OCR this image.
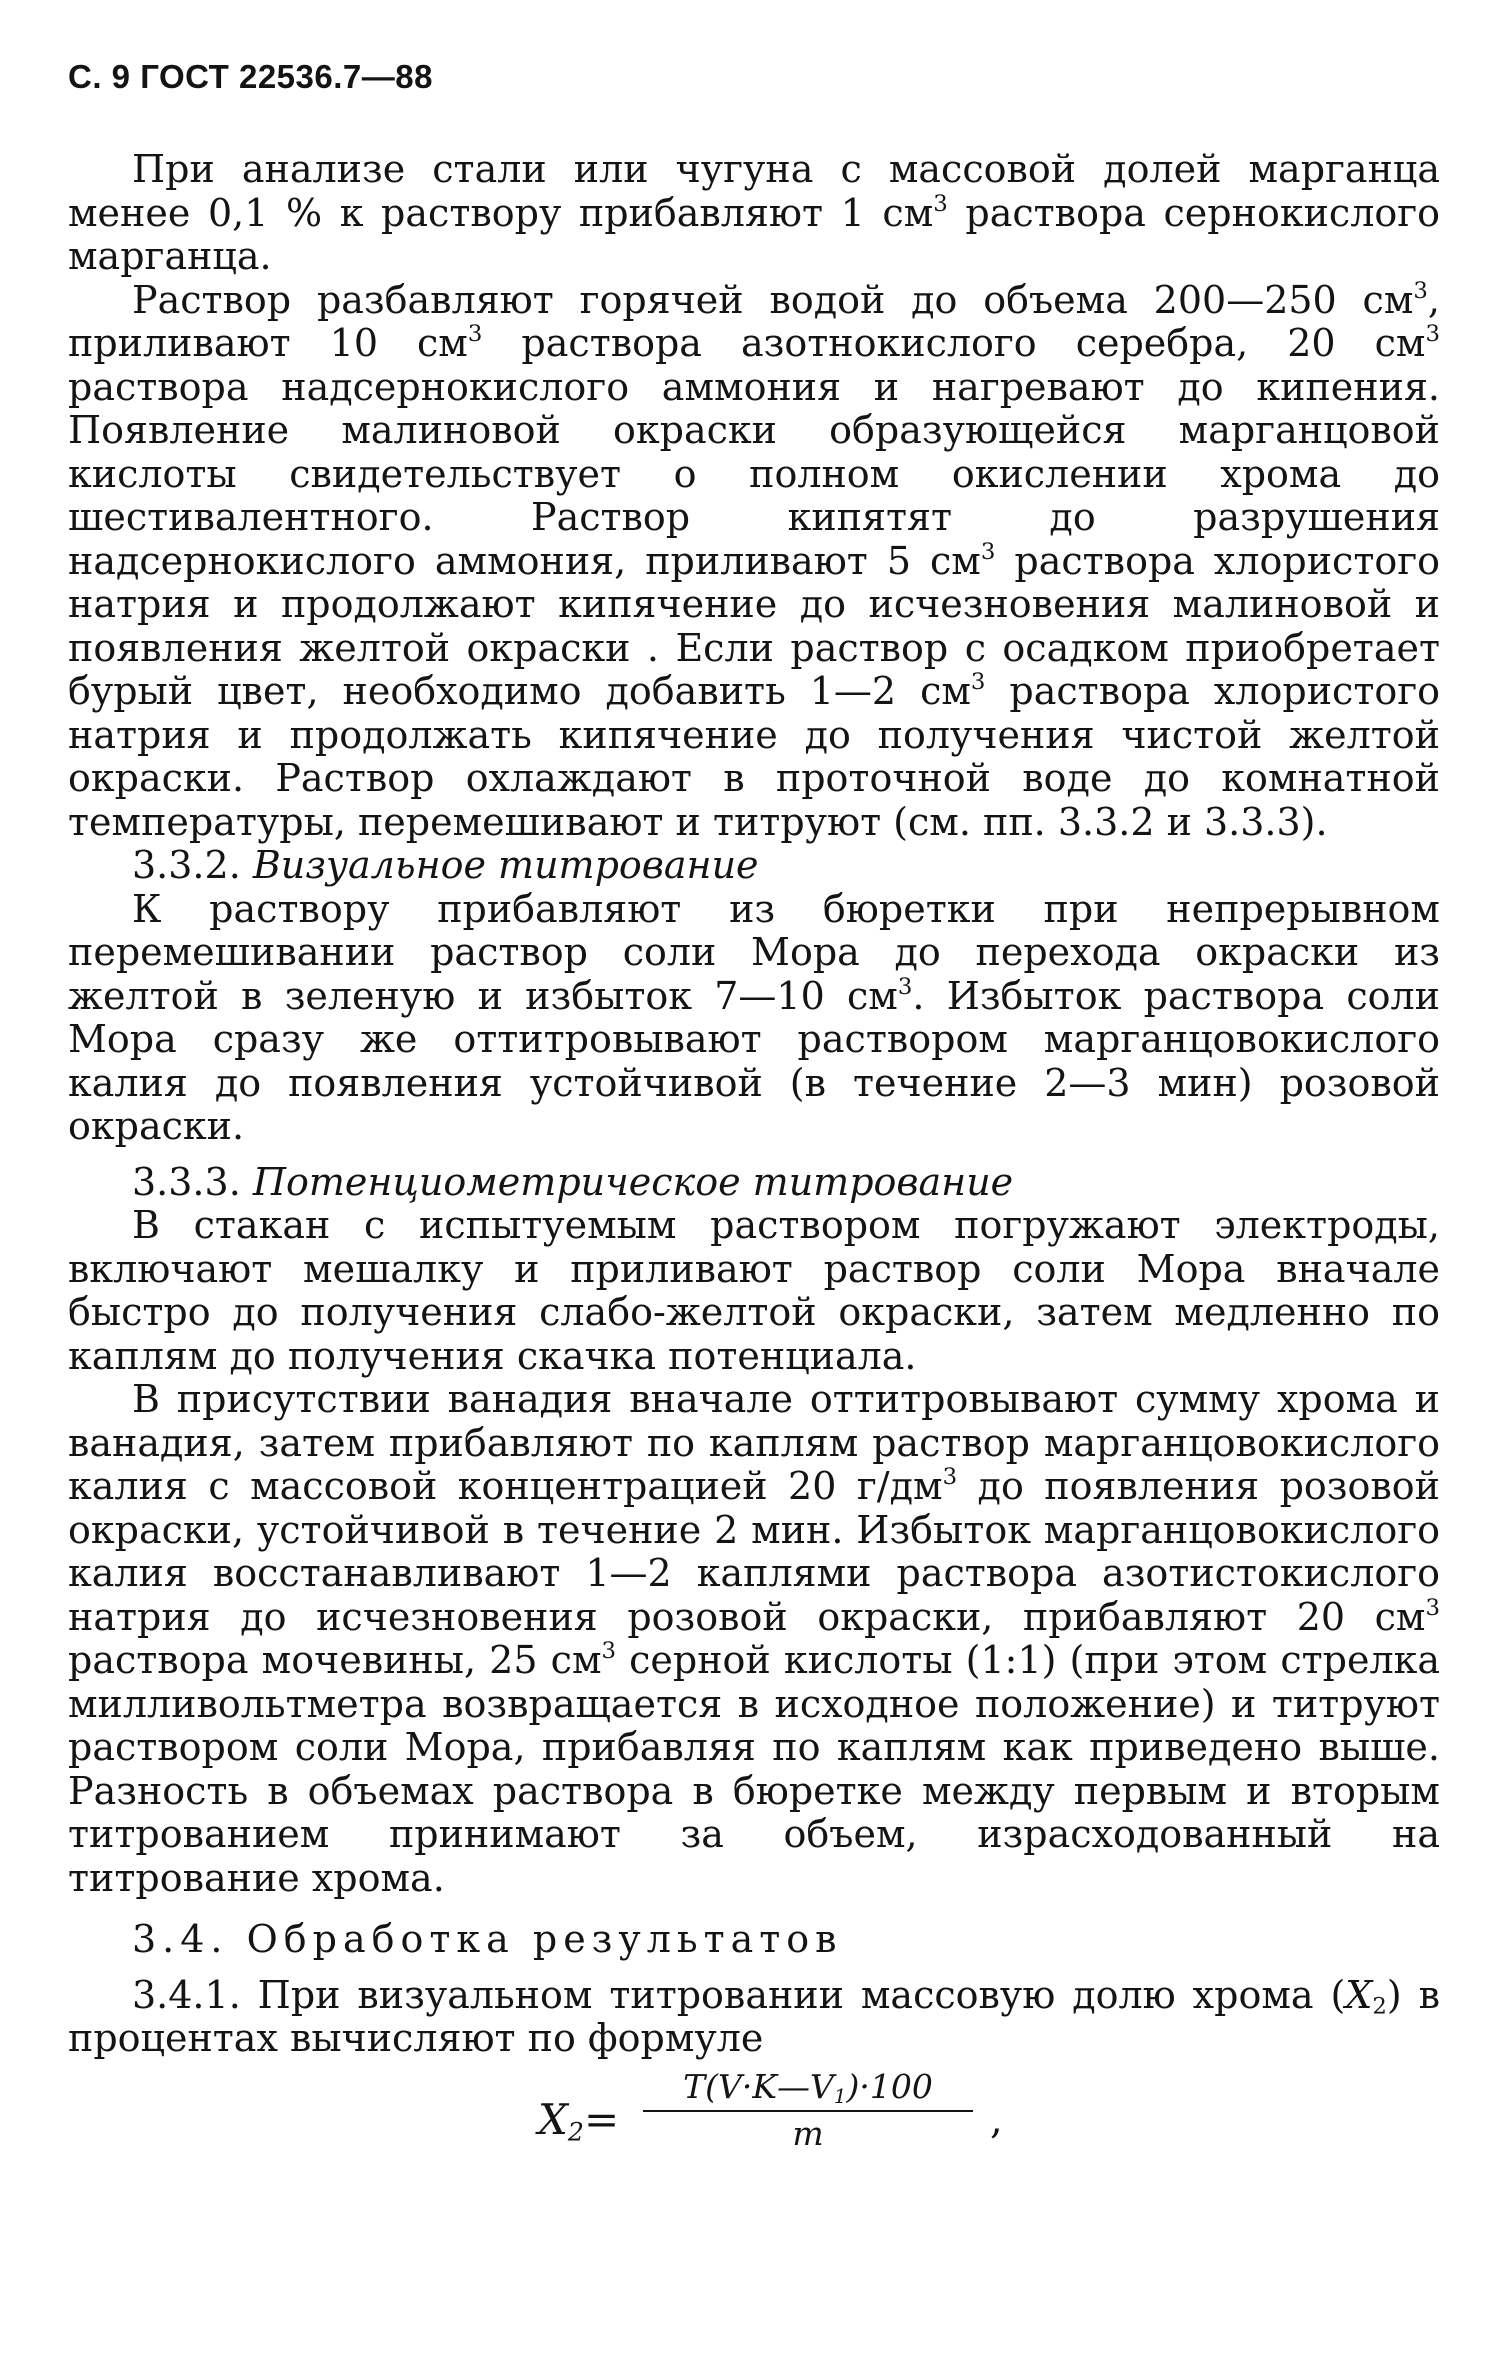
С. 9 ГОСТ 22536.7—88

При анализе стали или чугуна с массовой долей марганца менее 0,1 % к раствору прибавляют 1 $см^3$ раствора сернокислого марганца.

Раствор разбавляют горячей водой до объема 200—250 $см^3$, приливают 10 $см^3$ раствора азотнокислого серебра, 20 $см^3$ раствора надсернокислого аммония и нагревают до кипения. Появление малиновой окраски образующейся марганцовой кислоты свидетельствует о полном окислении хрома до шестивалентного. Раствор кипятят до разрушения надсернокислого аммония, приливают 5 $см^3$ раствора хлористого натрия и продолжают кипячение до исчезновения малиновой и появления желтой окраски . Если раствор с осадком приобретает бурый цвет, необходимо добавить 1—2 $см^3$ раствора хлористого натрия и продолжать кипячение до получения чистой желтой окраски. Раствор охлаждают в проточной воде до комнатной температуры, перемешивают и титруют (см. пп. 3.3.2 и 3.3.3).

3.3.2. Визуальное титрование

К раствору прибавляют из бюретки при непрерывном перемешивании раствор соли Мора до перехода окраски из желтой в зеленую и избыток 7—10 $см^3$. Избыток раствора соли Мора сразу же оттитровывают раствором марганцовокислого калия до появления устойчивой (в течение 2—3 мин) розовой окраски.

3.3.3. Потенциометрическое титрование

В стакан с испытуемым раствором погружают электроды, включают мешалку и приливают раствор соли Мора вначале быстро до получения слабо-желтой окраски, затем медленно по каплям до получения скачка потенциала.

В присутствии ванадия вначале оттитровывают сумму хрома и ванадия, затем прибавляют по каплям раствор марганцовокислого калия с массовой концентрацией 20 $г/дм^3$ до появления розовой окраски, устойчивой в течение 2 мин. Избыток марганцовокислого калия восстанавливают 1—2 каплями раствора азотистокислого натрия до исчезновения розовой окраски, прибавляют 20 $см^3$ раствора мочевины, 25 $см^3$ серной кислоты (1:1) (при этом стрелка милливольтметра возвращается в исходное положение) и титруют раствором соли Мора, прибавляя по каплям как приведено выше. Разность в объемах раствора в бюретке между первым и вторым титрованием принимают за объем, израсходованный на титрование хрома.

3.4. Обработка результатов

3.4.1. При визуальном титровании массовую долю хрома $(X_2)$ в процентах вычисляют по формуле

$X_2= \frac{T(V\cdot K—V_1)\cdot 100}{m}$ ,
